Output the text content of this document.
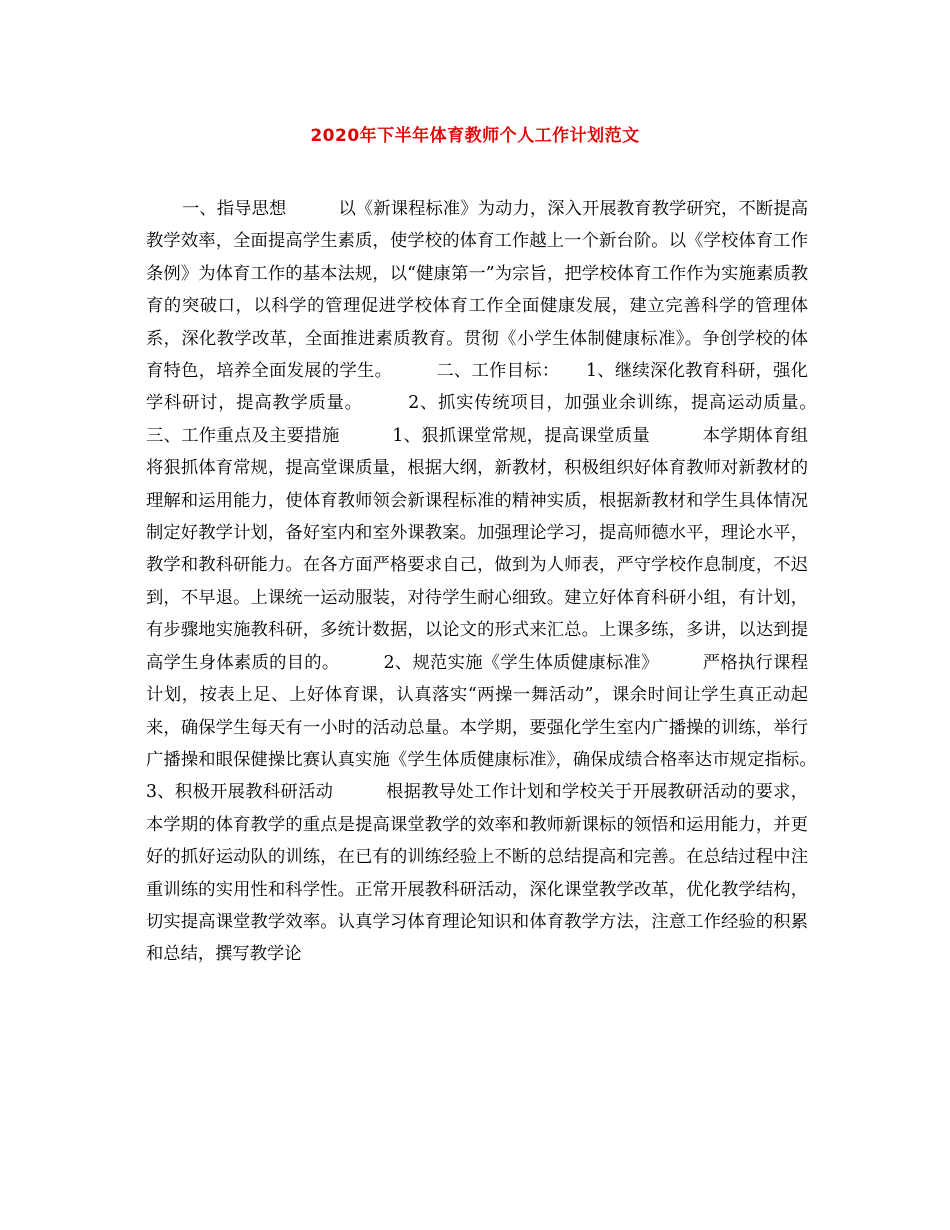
2020年下半年体育教师个人工作计划范文
一、指导思想　　　以《新课程标准》为动力，深入开展教育教学研究，不断提高教学效率，全面提高学生素质，使学校的体育工作越上一个新台阶。以《学校体育工作条例》为体育工作的基本法规，以“健康第一”为宗旨，把学校体育工作作为实施素质教育的突破口，以科学的管理促进学校体育工作全面健康发展，建立完善科学的管理体系，深化教学改革，全面推进素质教育。贯彻《小学生体制健康标准》。争创学校的体育特色，培养全面发展的学生。　　　二、工作目标：　　1、继续深化教育科研，强化学科研讨，提高教学质量。　　　2、抓实传统项目，加强业余训练，提高运动质量。　　　三、工作重点及主要措施　　　1、狠抓课堂常规，提高课堂质量　　　本学期体育组将狠抓体育常规，提高堂课质量，根据大纲，新教材，积极组织好体育教师对新教材的理解和运用能力，使体育教师领会新课程标准的精神实质，根据新教材和学生具体情况制定好教学计划，备好室内和室外课教案。加强理论学习，提高师德水平，理论水平，教学和教科研能力。在各方面严格要求自己，做到为人师表，严守学校作息制度，不迟到，不早退。上课统一运动服装，对待学生耐心细致。建立好体育科研小组，有计划，有步骤地实施教科研，多统计数据，以论文的形式来汇总。上课多练，多讲，以达到提高学生身体素质的目的。　　　2、规范实施《学生体质健康标准》　　　严格执行课程计划，按表上足、上好体育课，认真落实“两操一舞活动”，课余时间让学生真正动起来，确保学生每天有一小时的活动总量。本学期，要强化学生室内广播操的训练，举行广播操和眼保健操比赛认真实施《学生体质健康标准》，确保成绩合格率达市规定指标。　　　3、积极开展教科研活动　　　根据教导处工作计划和学校关于开展教研活动的要求，本学期的体育教学的重点是提高课堂教学的效率和教师新课标的领悟和运用能力，并更好的抓好运动队的训练，在已有的训练经验上不断的总结提高和完善。在总结过程中注重训练的实用性和科学性。正常开展教科研活动，深化课堂教学改革，优化教学结构，切实提高课堂教学效率。认真学习体育理论知识和体育教学方法，注意工作经验的积累和总结，撰写教学论
